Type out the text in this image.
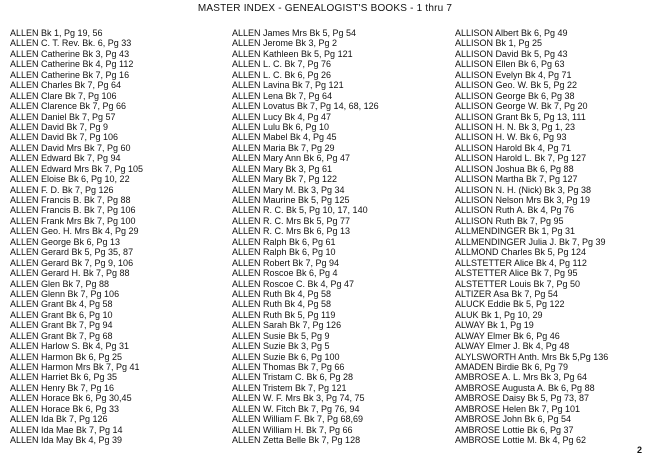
MASTER INDEX - GENEALOGIST'S BOOKS - 1 thru 7
ALLEN Bk 1, Pg 19, 56
ALLEN C. T. Rev. Bk. 6, Pg 33
ALLEN Catherine Bk 3, Pg 43
ALLEN Catherine Bk 4, Pg 112
ALLEN Catherine Bk 7, Pg 16
ALLEN Charles Bk 7, Pg 64
ALLEN Clare Bk 7, Pg 106
ALLEN Clarence Bk 7, Pg 66
ALLEN Daniel Bk 7, Pg 57
ALLEN David Bk 7, Pg 9
ALLEN David Bk 7, Pg 106
ALLEN David Mrs Bk 7, Pg 60
ALLEN Edward Bk 7, Pg 94
ALLEN Edward Mrs Bk 7, Pg 105
ALLEN Eloise Bk 6, Pg 10, 22
ALLEN F. D. Bk 7, Pg 126
ALLEN Francis B. Bk 7, Pg 88
ALLEN Francis B. Bk 7, Pg 106
ALLEN Frank Mrs Bk 7, Pg 100
ALLEN Geo. H. Mrs Bk 4, Pg 29
ALLEN George Bk 6, Pg 13
ALLEN Gerard Bk 5, Pg 35, 87
ALLEN Gerard Bk 7, Pg 9, 106
ALLEN Gerard H. Bk 7, Pg 88
ALLEN Glen Bk 7, Pg 88
ALLEN Glenn Bk 7, Pg 106
ALLEN Grant Bk 4, Pg 58
ALLEN Grant Bk 6, Pg 10
ALLEN Grant Bk 7, Pg 94
ALLEN Grant Bk 7, Pg 68
ALLEN Harlow S. Bk 4, Pg 31
ALLEN Harmon Bk 6, Pg 25
ALLEN Harmon Mrs Bk 7, Pg 41
ALLEN Harriet Bk 6, Pg 35
ALLEN Henry Bk 7, Pg 16
ALLEN Horace Bk 6, Pg 30,45
ALLEN Horace Bk 6, Pg 33
ALLEN Ida Bk 7, Pg 126
ALLEN Ida Mae Bk 7, Pg 14
ALLEN Ida May Bk 4, Pg 39
ALLEN James Mrs Bk 5, Pg 54
ALLEN Jerome Bk 3, Pg 2
ALLEN Kathleen Bk 5, Pg 121
ALLEN L. C. Bk 7, Pg 76
ALLEN L. C. Bk 6, Pg 26
ALLEN Lavina Bk 7, Pg 121
ALLEN Lena Bk 7, Pg 64
ALLEN Lovatus Bk 7, Pg 14, 68, 126
ALLEN Lucy Bk 4, Pg 47
ALLEN Lulu Bk 6, Pg 10
ALLEN Mabel Bk 4, Pg 45
ALLEN Maria Bk 7, Pg 29
ALLEN Mary Ann Bk 6, Pg 47
ALLEN Mary Bk 3, Pg 61
ALLEN Mary Bk 7, Pg 122
ALLEN Mary M. Bk 3, Pg 34
ALLEN Maurine Bk 5, Pg 125
ALLEN R. C. Bk 5, Pg 10, 17, 140
ALLEN R. C. Mrs Bk 5, Pg 77
ALLEN R. C. Mrs Bk 6, Pg 13
ALLEN Ralph Bk 6, Pg 61
ALLEN Ralph Bk 6, Pg 10
ALLEN Robert Bk 7, Pg 94
ALLEN Roscoe Bk 6, Pg 4
ALLEN Roscoe C. Bk 4, Pg 47
ALLEN Ruth Bk 4, Pg 58
ALLEN Ruth Bk 4, Pg 58
ALLEN Ruth Bk 5, Pg 119
ALLEN Sarah Bk 7, Pg 126
ALLEN Susie Bk 5, Pg 9
ALLEN Suzie Bk 3, Pg 5
ALLEN Suzie Bk 6, Pg 100
ALLEN Thomas Bk 7, Pg 66
ALLEN Tristam C. Bk 6, Pg 28
ALLEN Tristem Bk 7, Pg 121
ALLEN W. F. Mrs Bk 3, Pg 74, 75
ALLEN W. Fitch Bk 7, Pg 76, 94
ALLEN William F. Bk 7, Pg 68,69
ALLEN William H. Bk 7, Pg 66
ALLEN Zetta Belle Bk 7, Pg 128
ALLISON Albert Bk 6, Pg 49
ALLISON Bk 1, Pg 25
ALLISON David Bk 5, Pg 43
ALLISON Ellen Bk 6, Pg 63
ALLISON Evelyn Bk 4, Pg 71
ALLISON Geo. W. Bk 5, Pg 22
ALLISON George Bk 6, Pg 38
ALLISON George W. Bk 7, Pg 20
ALLISON Grant Bk 5, Pg 13, 111
ALLISON H. N. Bk 3, Pg 1, 23
ALLISON H. W. Bk 6, Pg 93
ALLISON Harold Bk 4, Pg 71
ALLISON Harold L. Bk 7, Pg 127
ALLISON Joshua Bk 6, Pg 88
ALLISON Martha Bk 7, Pg 127
ALLISON N. H. (Nick) Bk 3, Pg 38
ALLISON Nelson Mrs Bk 3, Pg 19
ALLISON Ruth A. Bk 4, Pg 76
ALLISON Ruth Bk 7, Pg 95
ALLMENDINGER Bk 1, Pg 31
ALLMENDINGER Julia J. Bk 7, Pg 39
ALLMOND Charles Bk 5, Pg 124
ALLSTETTER Alice Bk 4, Pg 112
ALSTETTER Alice Bk 7, Pg 95
ALSTETTER Louis Bk 7, Pg 50
ALTIZER Asa Bk 7, Pg 54
ALUCK Eddie Bk 5, Pg 122
ALUK Bk 1, Pg 10, 29
ALWAY Bk 1, Pg 19
ALWAY Elmer Bk 6, Pg 46
ALWAY Elmer J. Bk 4, Pg 48
ALYLSWORTH Anth. Mrs Bk 5,Pg 136
AMADEN Birdie Bk 6, Pg 79
AMBROSE A. L. Mrs Bk 3, Pg 64
AMBROSE Augusta A. Bk 6, Pg 88
AMBROSE Daisy Bk 5, Pg 73, 87
AMBROSE Helen Bk 7, Pg 101
AMBROSE John Bk 6, Pg 54
AMBROSE Lottie Bk 6, Pg 37
AMBROSE Lottie M. Bk 4, Pg 62
2
